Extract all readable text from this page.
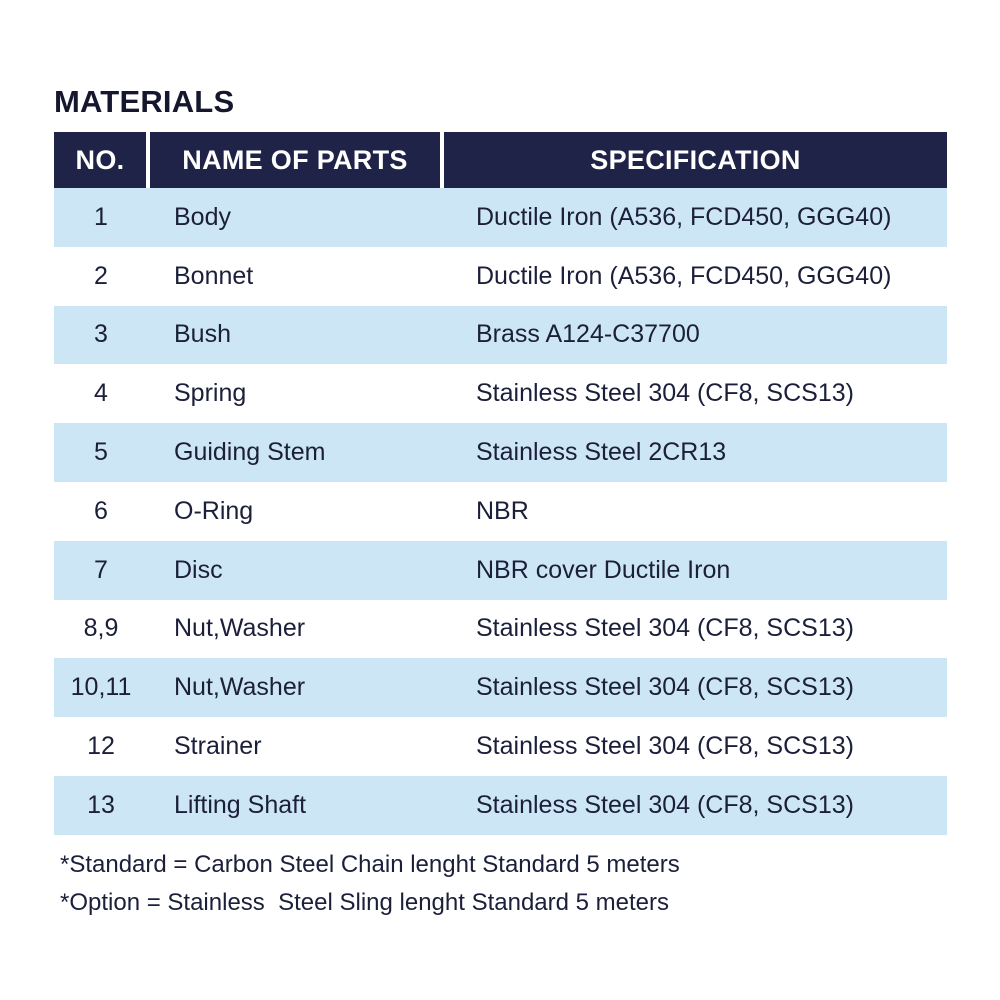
MATERIALS
NO.	NAME OF PARTS	SPECIFICATION
1	Body	Ductile Iron (A536, FCD450, GGG40)
2	Bonnet	Ductile Iron (A536, FCD450, GGG40)
3	Bush	Brass A124-C37700
4	Spring	Stainless Steel 304 (CF8, SCS13)
5	Guiding Stem	Stainless Steel 2CR13
6	O-Ring	NBR
7	Disc	NBR cover Ductile Iron
8,9	Nut,Washer	Stainless Steel 304 (CF8, SCS13)
10,11	Nut,Washer	Stainless Steel 304 (CF8, SCS13)
12	Strainer	Stainless Steel 304 (CF8, SCS13)
13	Lifting Shaft	Stainless Steel 304 (CF8, SCS13)
*Standard = Carbon Steel Chain lenght Standard 5 meters
*Option = Stainless  Steel Sling lenght Standard 5 meters
